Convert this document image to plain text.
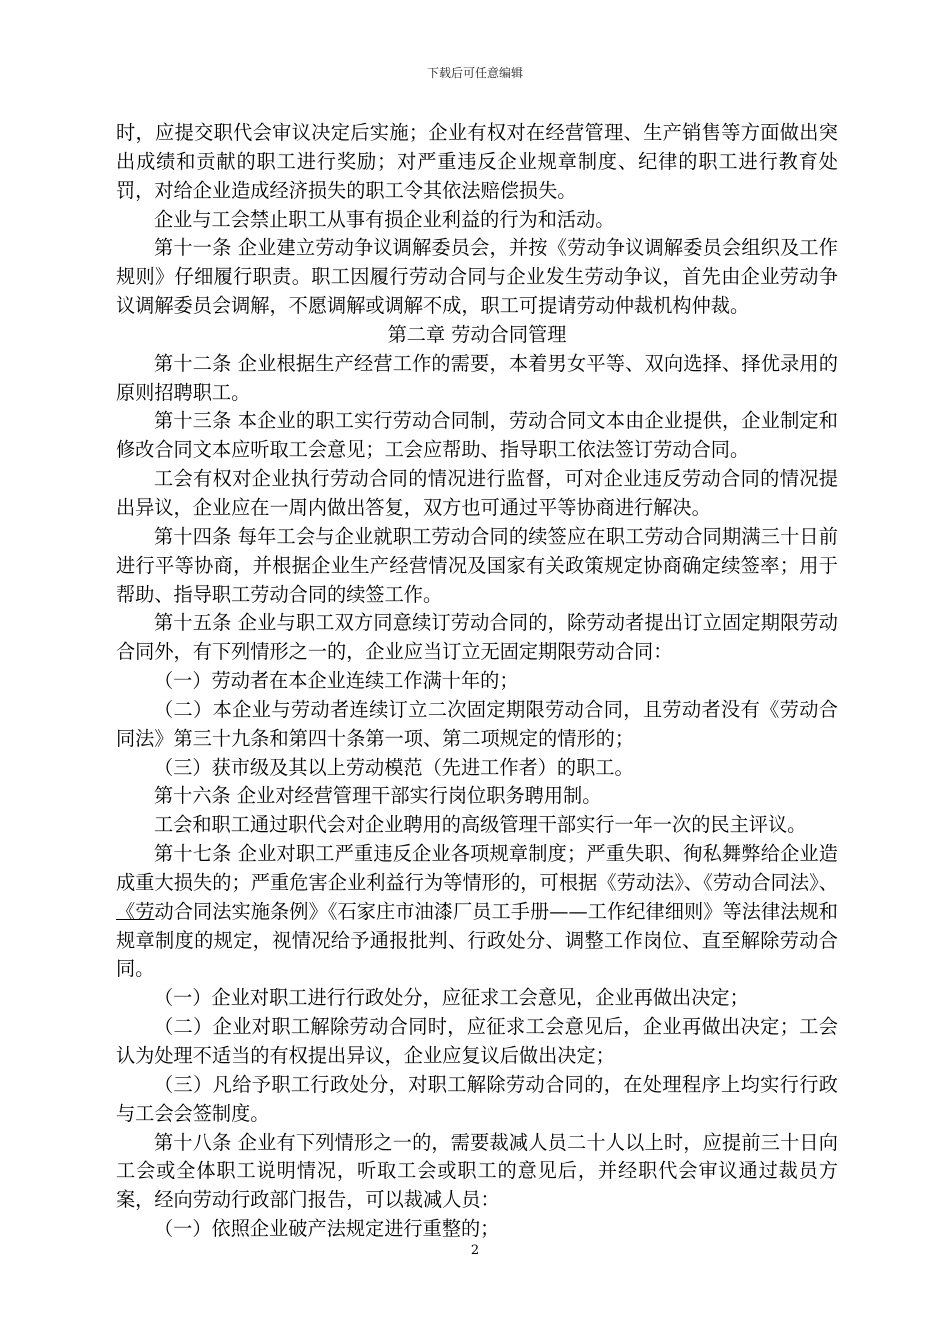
下载后可任意编辑

时，应提交职代会审议决定后实施；企业有权对在经营管理、生产销售等方面做出突出成绩和贡献的职工进行奖励；对严重违反企业规章制度、纪律的职工进行教育处罚，对给企业造成经济损失的职工令其依法赔偿损失。

企业与工会禁止职工从事有损企业利益的行为和活动。

第十一条 企业建立劳动争议调解委员会，并按《劳动争议调解委员会组织及工作规则》仔细履行职责。职工因履行劳动合同与企业发生劳动争议，首先由企业劳动争议调解委员会调解，不愿调解或调解不成，职工可提请劳动仲裁机构仲裁。

第二章 劳动合同管理

第十二条 企业根据生产经营工作的需要，本着男女平等、双向选择、择优录用的原则招聘职工。

第十三条 本企业的职工实行劳动合同制，劳动合同文本由企业提供，企业制定和修改合同文本应听取工会意见；工会应帮助、指导职工依法签订劳动合同。

工会有权对企业执行劳动合同的情况进行监督，可对企业违反劳动合同的情况提出异议，企业应在一周内做出答复，双方也可通过平等协商进行解决。

第十四条 每年工会与企业就职工劳动合同的续签应在职工劳动合同期满三十日前进行平等协商，并根据企业生产经营情况及国家有关政策规定协商确定续签率；用于帮助、指导职工劳动合同的续签工作。

第十五条 企业与职工双方同意续订劳动合同的，除劳动者提出订立固定期限劳动合同外，有下列情形之一的，企业应当订立无固定期限劳动合同：

（一）劳动者在本企业连续工作满十年的；

（二）本企业与劳动者连续订立二次固定期限劳动合同，且劳动者没有《劳动合同法》第三十九条和第四十条第一项、第二项规定的情形的；

（三）获市级及其以上劳动模范（先进工作者）的职工。

第十六条 企业对经营管理干部实行岗位职务聘用制。

工会和职工通过职代会对企业聘用的高级管理干部实行一年一次的民主评议。

第十七条 企业对职工严重违反企业各项规章制度；严重失职、徇私舞弊给企业造成重大损失的；严重危害企业利益行为等情形的，可根据《劳动法》、《劳动合同法》、《劳动合同法实施条例》《石家庄市油漆厂员工手册——工作纪律细则》等法律法规和规章制度的规定，视情况给予通报批判、行政处分、调整工作岗位、直至解除劳动合同。

（一）企业对职工进行行政处分，应征求工会意见，企业再做出决定；

（二）企业对职工解除劳动合同时，应征求工会意见后，企业再做出决定；工会认为处理不适当的有权提出异议，企业应复议后做出决定；

（三）凡给予职工行政处分，对职工解除劳动合同的，在处理程序上均实行行政与工会会签制度。

第十八条 企业有下列情形之一的，需要裁减人员二十人以上时，应提前三十日向工会或全体职工说明情况，听取工会或职工的意见后，并经职代会审议通过裁员方案，经向劳动行政部门报告，可以裁减人员：

（一）依照企业破产法规定进行重整的；

2
